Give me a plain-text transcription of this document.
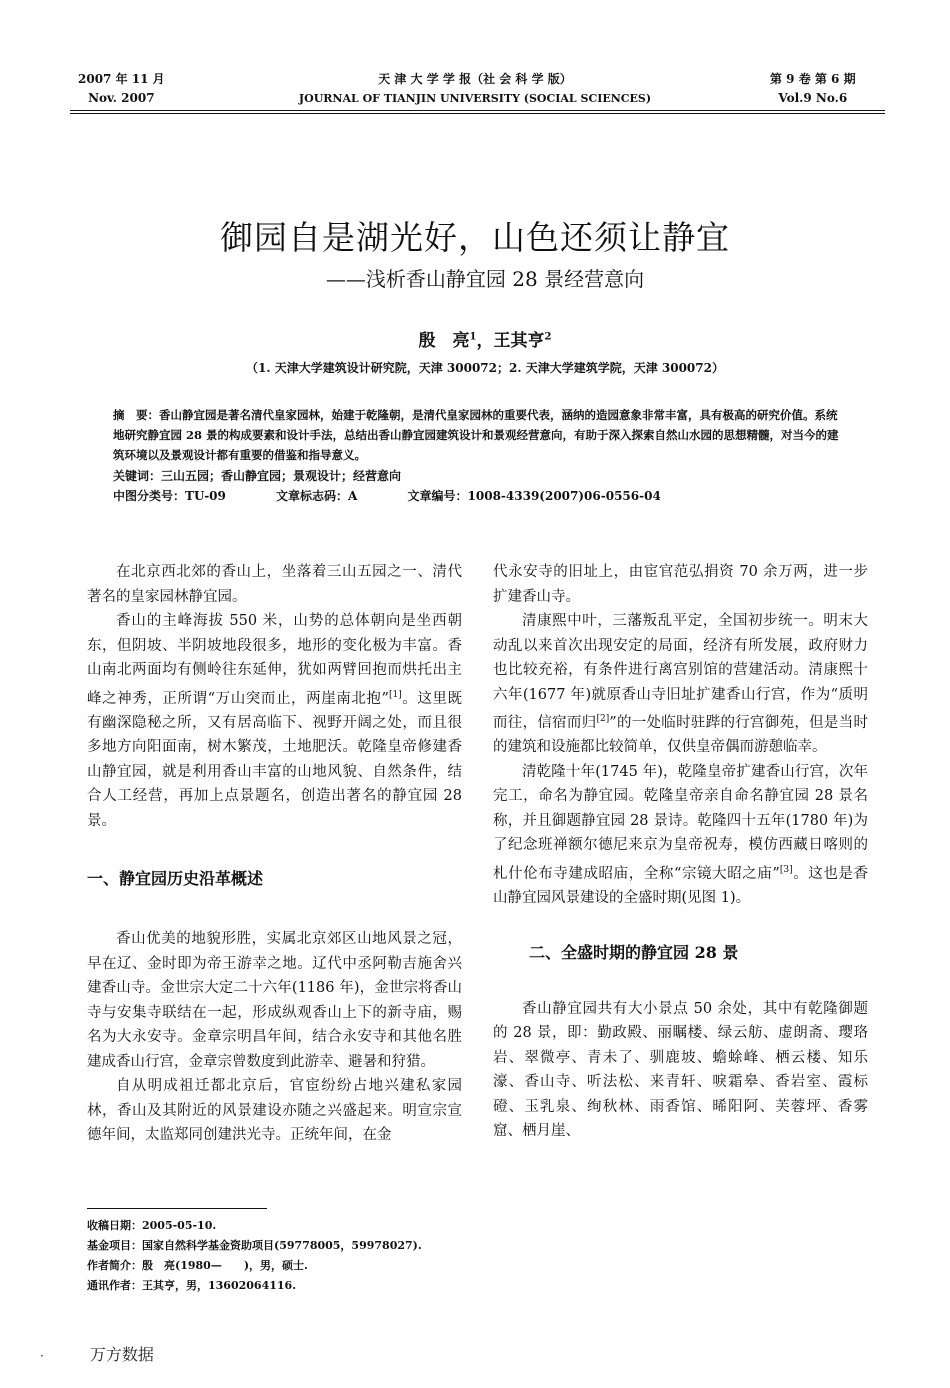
2007 年 11 月
Nov. 2007
天 津 大 学 学 报（社 会 科 学 版）
JOURNAL OF TIANJIN UNIVERSITY (SOCIAL SCIENCES)
第 9 卷 第 6 期
Vol.9 No.6
御园自是湖光好，山色还须让静宜
——浅析香山静宜园 28 景经营意向
殷　亮$^1$，王其亨$^2$
（1. 天津大学建筑设计研究院，天津 300072；2. 天津大学建筑学院，天津 300072）
摘　要：香山静宜园是著名清代皇家园林，始建于乾隆朝，是清代皇家园林的重要代表，涵纳的造园意象非常丰富，具有极高的研究价值。系统地研究静宜园 28 景的构成要素和设计手法，总结出香山静宜园建筑设计和景观经营意向，有助于深入探索自然山水园的思想精髓，对当今的建筑环境以及景观设计都有重要的借鉴和指导意义。
关键词：三山五园；香山静宜园；景观设计；经营意向
中图分类号：TU-09	文章标志码：A	文章编号：1008-4339(2007)06-0556-04

在北京西北郊的香山上，坐落着三山五园之一、清代著名的皇家园林静宜园。

香山的主峰海拔 550 米，山势的总体朝向是坐西朝东，但阴坡、半阴坡地段很多，地形的变化极为丰富。香山南北两面均有侧岭往东延伸，犹如两臂回抱而烘托出主峰之神秀，正所谓“万山突而止，两崖南北抱”[1]。这里既有幽深隐秘之所，又有居高临下、视野开阔之处，而且很多地方向阳面南，树木繁茂，土地肥沃。乾隆皇帝修建香山静宜园，就是利用香山丰富的山地风貌、自然条件，结合人工经营，再加上点景题名，创造出著名的静宜园 28 景。

一、静宜园历史沿革概述

香山优美的地貌形胜，实属北京郊区山地风景之冠，早在辽、金时即为帝王游幸之地。辽代中丞阿勒吉施舍兴建香山寺。金世宗大定二十六年(1186 年)，金世宗将香山寺与安集寺联结在一起，形成纵观香山上下的新寺庙，赐名为大永安寺。金章宗明昌年间，结合永安寺和其他名胜建成香山行宫，金章宗曾数度到此游幸、避暑和狩猎。

自从明成祖迁都北京后，官宦纷纷占地兴建私家园林，香山及其附近的风景建设亦随之兴盛起来。明宣宗宣德年间，太监郑同创建洪光寺。正统年间，在金

代永安寺的旧址上，由宦官范弘捐资 70 余万两，进一步扩建香山寺。

清康熙中叶，三藩叛乱平定，全国初步统一。明末大动乱以来首次出现安定的局面，经济有所发展，政府财力也比较充裕，有条件进行离宫别馆的营建活动。清康熙十六年(1677 年)就原香山寺旧址扩建香山行宫，作为“质明而往，信宿而归[2]”的一处临时驻跸的行宫御苑，但是当时的建筑和设施都比较简单，仅供皇帝偶而游憩临幸。

清乾隆十年(1745 年)，乾隆皇帝扩建香山行宫，次年完工，命名为静宜园。乾隆皇帝亲自命名静宜园 28 景名称，并且御题静宜园 28 景诗。乾隆四十五年(1780 年)为了纪念班禅额尔德尼来京为皇帝祝寿，模仿西藏日喀则的札什伦布寺建成昭庙，全称“宗镜大昭之庙”[3]。这也是香山静宜园风景建设的全盛时期(见图 1)。

二、全盛时期的静宜园 28 景

香山静宜园共有大小景点 50 余处，其中有乾隆御题的 28 景，即：勤政殿、丽瞩楼、绿云舫、虚朗斋、璎珞岩、翠微亭、青未了、驯鹿坡、蟾蜍峰、栖云楼、知乐濠、香山寺、听法松、来青轩、唳霜皋、香岩室、霞标磴、玉乳泉、绚秋林、雨香馆、晞阳阿、芙蓉坪、香雾窟、栖月崖、

收稿日期：2005-05-10.
基金项目：国家自然科学基金资助项目(59778005，59978027).
作者简介：殷　亮(1980—　　)，男，硕士.
通讯作者：王其亨，男，13602064116.
·	万方数据
